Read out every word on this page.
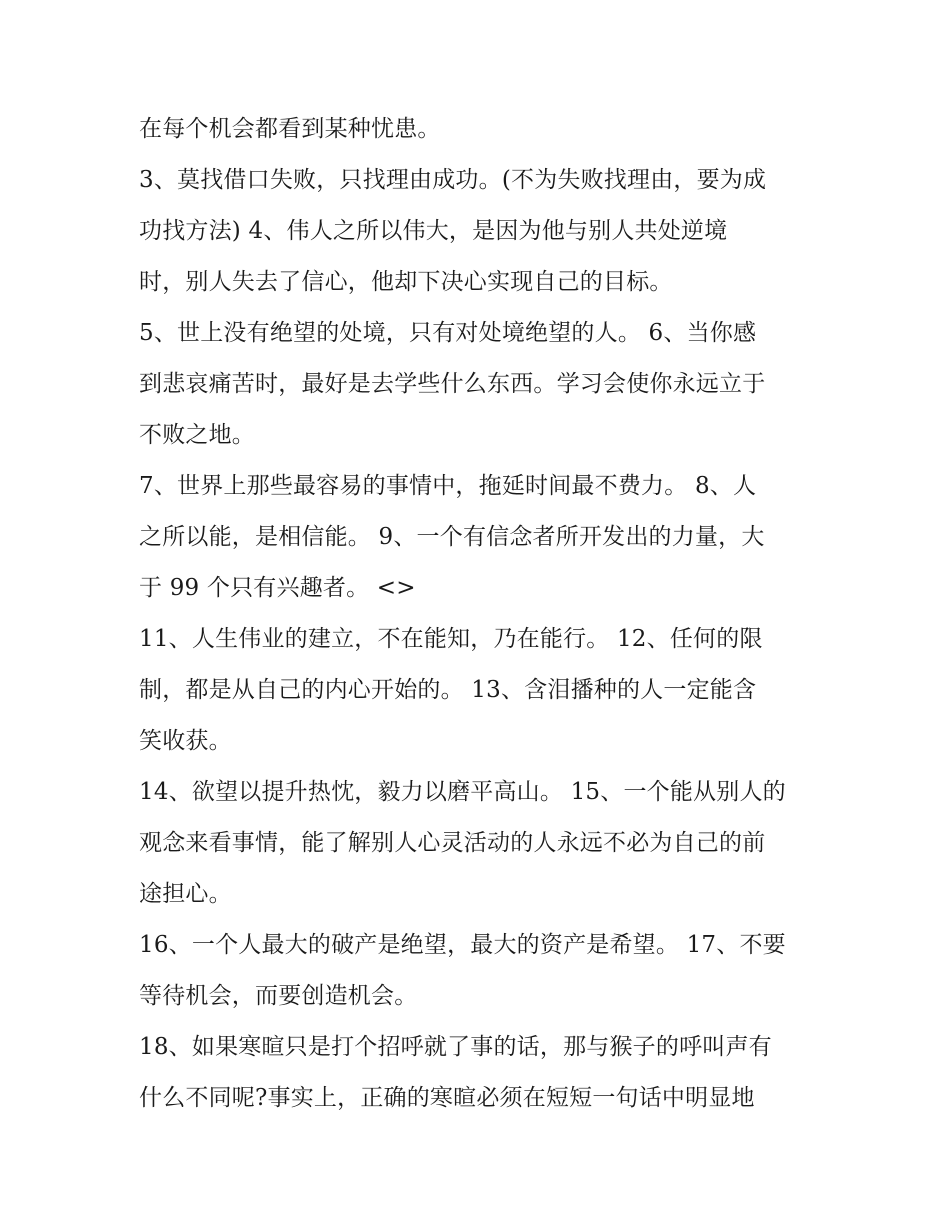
在每个机会都看到某种忧患。
3、莫找借口失败，只找理由成功。(不为失败找理由，要为成
功找方法) 4、伟人之所以伟大，是因为他与别人共处逆境
时，别人失去了信心，他却下决心实现自己的目标。
5、世上没有绝望的处境，只有对处境绝望的人。 6、当你感
到悲哀痛苦时，最好是去学些什么东西。学习会使你永远立于
不败之地。
7、世界上那些最容易的事情中，拖延时间最不费力。 8、人
之所以能，是相信能。 9、一个有信念者所开发出的力量，大
于 99 个只有兴趣者。 <>
11、人生伟业的建立，不在能知，乃在能行。 12、任何的限
制，都是从自己的内心开始的。 13、含泪播种的人一定能含
笑收获。
14、欲望以提升热忱，毅力以磨平高山。 15、一个能从别人的
观念来看事情，能了解别人心灵活动的人永远不必为自己的前
途担心。
16、一个人最大的破产是绝望，最大的资产是希望。 17、不要
等待机会，而要创造机会。
18、如果寒暄只是打个招呼就了事的话，那与猴子的呼叫声有
什么不同呢?事实上，正确的寒暄必须在短短一句话中明显地
